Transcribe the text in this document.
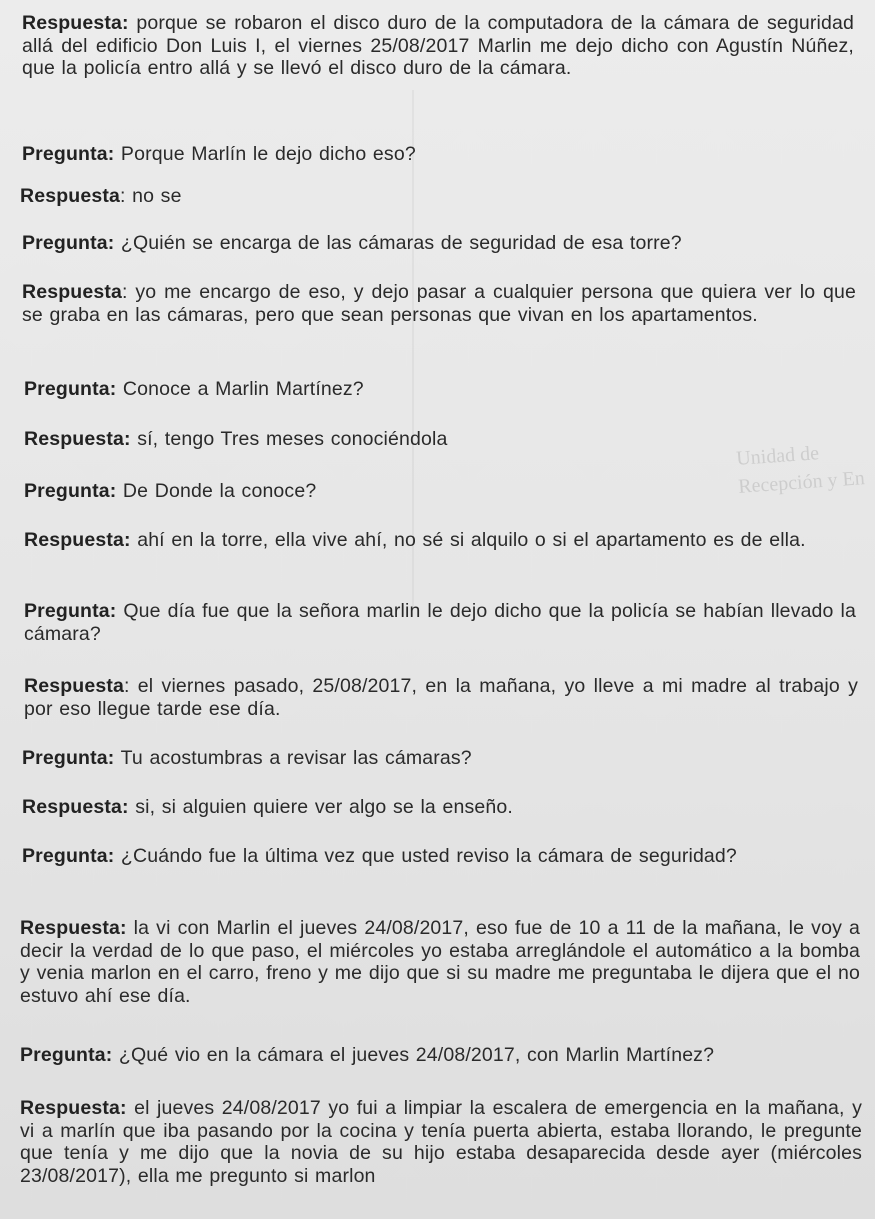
Unidad de
Recepción y En

Respuesta: porque se robaron el disco duro de la computadora de la cámara de seguridad allá del edificio Don Luis I, el viernes 25/08/2017 Marlin me dejo dicho con Agustín Núñez, que la policía entro allá y se llevó el disco duro de la cámara.

Pregunta: Porque Marlín le dejo dicho eso?

Respuesta: no se

Pregunta: ¿Quién se encarga de las cámaras de seguridad de esa torre?

Respuesta: yo me encargo de eso, y dejo pasar a cualquier persona que quiera ver lo que se graba en las cámaras, pero que sean personas que vivan en los apartamentos.

Pregunta: Conoce a Marlin Martínez?

Respuesta: sí, tengo Tres meses conociéndola

Pregunta: De Donde la conoce?

Respuesta: ahí en la torre, ella vive ahí, no sé si alquilo o si el apartamento es de ella.

Pregunta: Que día fue que la señora marlin le dejo dicho que la policía se habían llevado la cámara?

Respuesta: el viernes pasado, 25/08/2017, en la mañana, yo lleve a mi madre al trabajo y por eso llegue tarde ese día.

Pregunta: Tu acostumbras a revisar las cámaras?

Respuesta: si, si alguien quiere ver algo se la enseño.

Pregunta: ¿Cuándo fue la última vez que usted reviso la cámara de seguridad?

Respuesta: la vi con Marlin el jueves 24/08/2017, eso fue de 10 a 11 de la mañana, le voy a decir la verdad de lo que paso, el miércoles yo estaba arreglándole el automático a la bomba y venia marlon en el carro, freno y me dijo que si su madre me preguntaba le dijera que el no estuvo ahí ese día.

Pregunta: ¿Qué vio en la cámara el jueves 24/08/2017, con Marlin Martínez?

Respuesta: el jueves 24/08/2017 yo fui a limpiar la escalera de emergencia en la mañana, y vi a marlín que iba pasando por la cocina y tenía puerta abierta, estaba llorando, le pregunte que tenía y me dijo que la novia de su hijo estaba desaparecida desde ayer (miércoles 23/08/2017), ella me pregunto si marlon
